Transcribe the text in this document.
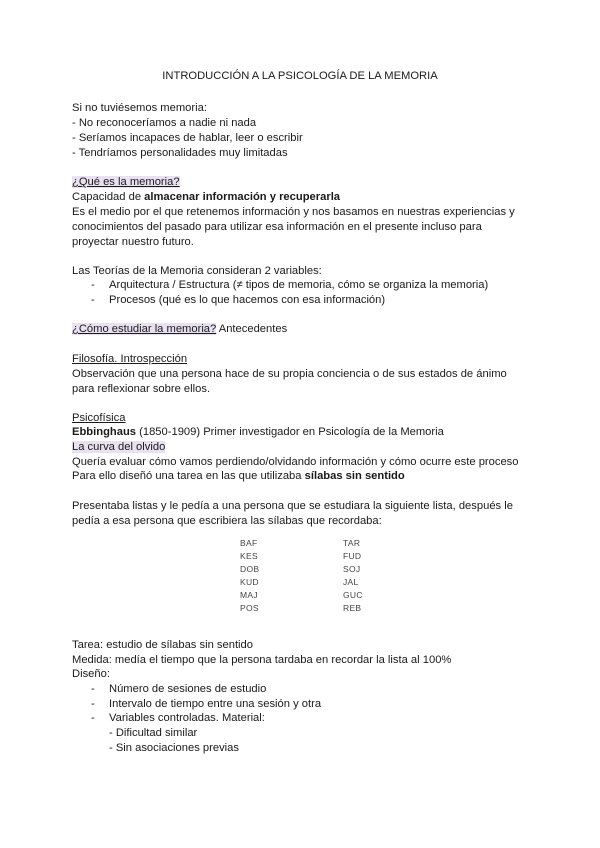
INTRODUCCIÓN A LA PSICOLOGÍA DE LA MEMORIA
Si no tuviésemos memoria:
- No reconoceríamos a nadie ni nada
- Seríamos incapaces de hablar, leer o escribir
- Tendríamos personalidades muy limitadas
¿Qué es la memoria?
Capacidad de almacenar información y recuperarla
Es el medio por el que retenemos información y nos basamos en nuestras experiencias y
conocimientos del pasado para utilizar esa información en el presente incluso para
proyectar nuestro futuro.
Las Teorías de la Memoria consideran 2 variables:
- Arquitectura / Estructura (≠ tipos de memoria, cómo se organiza la memoria)
- Procesos (qué es lo que hacemos con esa información)
¿Cómo estudiar la memoria? Antecedentes
Filosofía. Introspección
Observación que una persona hace de su propia conciencia o de sus estados de ánimo
para reflexionar sobre ellos.
Psicofísica
Ebbinghaus (1850-1909) Primer investigador en Psicología de la Memoria
La curva del olvido
Quería evaluar cómo vamos perdiendo/olvidando información y cómo ocurre este proceso
Para ello diseñó una tarea en las que utilizaba sílabas sin sentido
Presentaba listas y le pedía a una persona que se estudiara la siguiente lista, después le
pedía a esa persona que escribiera las sílabas que recordaba:
BAF	TAR
KES	FUD
DOB	SOJ
KUD	JAL
MAJ	GUC
POS	REB
Tarea: estudio de sílabas sin sentido
Medida: medía el tiempo que la persona tardaba en recordar la lista al 100%
Diseño:
- Número de sesiones de estudio
- Intervalo de tiempo entre una sesión y otra
- Variables controladas. Material:
- Dificultad similar
- Sin asociaciones previas
